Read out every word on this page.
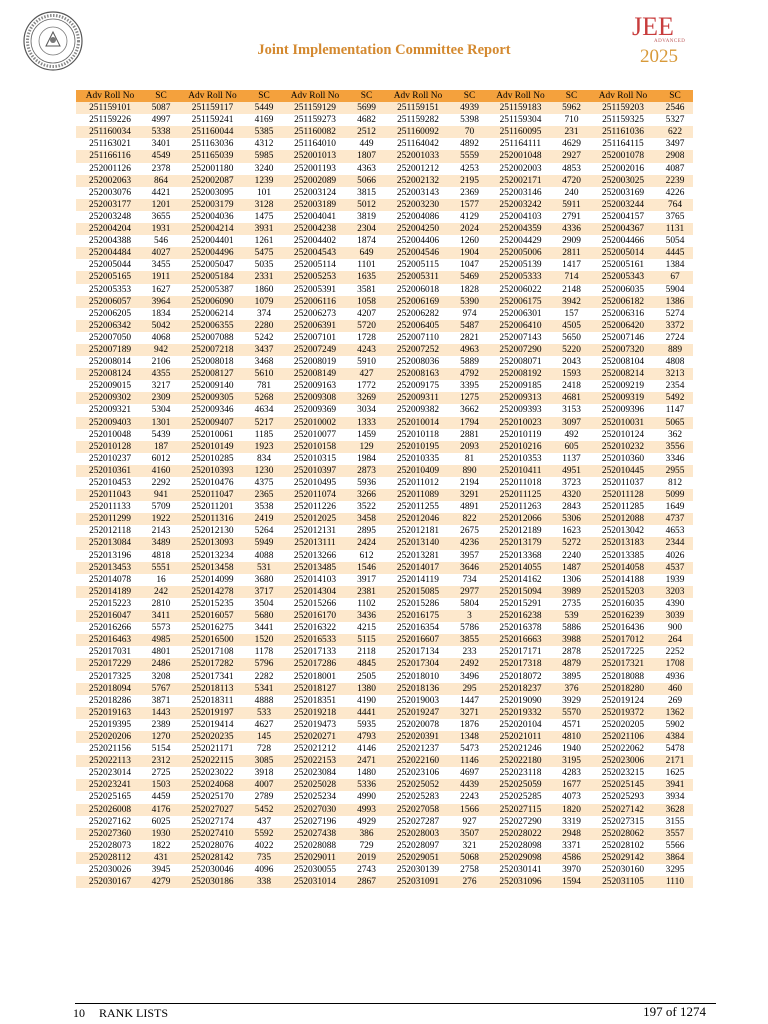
Joint Implementation Committee Report
JEE
ADVANCED
2025
Adv Roll No	SC	Adv Roll No	SC	Adv Roll No	SC	Adv Roll No	SC	Adv Roll No	SC	Adv Roll No	SC
251159101	5087	251159117	5449	251159129	5699	251159151	4939	251159183	5962	251159203	2546
251159226	4997	251159241	4169	251159273	4682	251159282	5398	251159304	710	251159325	5327
251160034	5338	251160044	5385	251160082	2512	251160092	70	251160095	231	251161036	622
251163021	3401	251163036	4312	251164010	449	251164042	4892	251164111	4629	251164115	3497
251166116	4549	251165039	5985	252001013	1807	252001033	5559	252001048	2927	252001078	2908
252001126	2378	252001180	3240	252001193	4363	252001212	4253	252002003	4853	252002016	4087
252002063	864	252002087	1239	252002089	5066	252002132	2195	252002171	4720	252003025	2239
252003076	4421	252003095	101	252003124	3815	252003143	2369	252003146	240	252003169	4226
252003177	1201	252003179	3128	252003189	5012	252003230	1577	252003242	5911	252003244	764
252003248	3655	252004036	1475	252004041	3819	252004086	4129	252004103	2791	252004157	3765
252004204	1931	252004214	3931	252004238	2304	252004250	2024	252004359	4336	252004367	1131
252004388	546	252004401	1261	252004402	1874	252004406	1260	252004429	2909	252004466	5054
252004484	4027	252004496	5475	252004543	649	252004546	1904	252005006	2811	252005014	4445
252005044	3455	252005047	5035	252005114	1101	252005115	1047	252005139	1417	252005161	1384
252005165	1911	252005184	2331	252005253	1635	252005311	5469	252005333	714	252005343	67
252005353	1627	252005387	1860	252005391	3581	252006018	1828	252006022	2148	252006035	5904
252006057	3964	252006090	1079	252006116	1058	252006169	5390	252006175	3942	252006182	1386
252006205	1834	252006214	374	252006273	4207	252006282	974	252006301	157	252006316	5274
252006342	5042	252006355	2280	252006391	5720	252006405	5487	252006410	4505	252006420	3372
252007050	4068	252007088	5242	252007101	1728	252007110	2821	252007143	5650	252007146	2724
252007189	942	252007218	3437	252007249	4243	252007252	4963	252007290	5220	252007320	889
252008014	2106	252008018	3468	252008019	5910	252008036	5889	252008071	2043	252008104	4808
252008124	4355	252008127	5610	252008149	427	252008163	4792	252008192	1593	252008214	3213
252009015	3217	252009140	781	252009163	1772	252009175	3395	252009185	2418	252009219	2354
252009302	2309	252009305	5268	252009308	3269	252009311	1275	252009313	4681	252009319	5492
252009321	5304	252009346	4634	252009369	3034	252009382	3662	252009393	3153	252009396	1147
252009403	1301	252009407	5217	252010002	1333	252010014	1794	252010023	3097	252010031	5065
252010048	5439	252010061	1185	252010077	1459	252010118	2881	252010119	492	252010124	362
252010128	187	252010149	1923	252010158	129	252010195	2093	252010216	605	252010232	3556
252010237	6012	252010285	834	252010315	1984	252010335	81	252010353	1137	252010360	3346
252010361	4160	252010393	1230	252010397	2873	252010409	890	252010411	4951	252010445	2955
252010453	2292	252010476	4375	252010495	5936	252011012	2194	252011018	3723	252011037	812
252011043	941	252011047	2365	252011074	3266	252011089	3291	252011125	4320	252011128	5099
252011133	5709	252011201	3538	252011226	3522	252011255	4891	252011263	2843	252011285	1649
252011299	1922	252011316	2419	252012025	3458	252012046	822	252012066	5306	252012088	4737
252012118	2143	252012130	5264	252012131	2895	252012181	2675	252012189	1623	252013042	4653
252013084	3489	252013093	5949	252013111	2424	252013140	4236	252013179	5272	252013183	2344
252013196	4818	252013234	4088	252013266	612	252013281	3957	252013368	2240	252013385	4026
252013453	5551	252013458	531	252013485	1546	252014017	3646	252014055	1487	252014058	4537
252014078	16	252014099	3680	252014103	3917	252014119	734	252014162	1306	252014188	1939
252014189	242	252014278	3717	252014304	2381	252015085	2977	252015094	3989	252015203	3203
252015223	2810	252015235	3504	252015266	1102	252015286	5804	252015291	2735	252016035	4390
252016047	3411	252016057	5680	252016170	3436	252016175	3	252016238	539	252016239	3039
252016266	5573	252016275	3441	252016322	4215	252016354	5786	252016378	5886	252016436	900
252016463	4985	252016500	1520	252016533	5115	252016607	3855	252016663	3988	252017012	264
252017031	4801	252017108	1178	252017133	2118	252017134	233	252017171	2878	252017225	2252
252017229	2486	252017282	5796	252017286	4845	252017304	2492	252017318	4879	252017321	1708
252017325	3208	252017341	2282	252018001	2505	252018010	3496	252018072	3895	252018088	4936
252018094	5767	252018113	5341	252018127	1380	252018136	295	252018237	376	252018280	460
252018286	3871	252018311	4888	252018351	4190	252019003	1447	252019090	3929	252019124	269
252019163	1443	252019197	533	252019218	4441	252019247	3271	252019332	5570	252019372	1362
252019395	2389	252019414	4627	252019473	5935	252020078	1876	252020104	4571	252020205	5902
252020206	1270	252020235	145	252020271	4793	252020391	1348	252021011	4810	252021106	4384
252021156	5154	252021171	728	252021212	4146	252021237	5473	252021246	1940	252022062	5478
252022113	2312	252022115	3085	252022153	2471	252022160	1146	252022180	3195	252023006	2171
252023014	2725	252023022	3918	252023084	1480	252023106	4697	252023118	4283	252023215	1625
252023241	1503	252024068	4007	252025028	5336	252025052	4439	252025059	1677	252025145	3941
252025165	4459	252025170	2789	252025234	4990	252025283	2243	252025285	4073	252025293	3934
252026008	4176	252027027	5452	252027030	4993	252027058	1566	252027115	1820	252027142	3628
252027162	6025	252027174	437	252027196	4929	252027287	927	252027290	3319	252027315	3155
252027360	1930	252027410	5592	252027438	386	252028003	3507	252028022	2948	252028062	3557
252028073	1822	252028076	4022	252028088	729	252028097	321	252028098	3371	252028102	5566
252028112	431	252028142	735	252029011	2019	252029051	5068	252029098	4586	252029142	3864
252030026	3945	252030046	4096	252030055	2743	252030139	2758	252030141	3970	252030160	3295
252030167	4279	252030186	338	252031014	2867	252031091	276	252031096	1594	252031105	1110
10 RANK LISTS	197 of 1274
